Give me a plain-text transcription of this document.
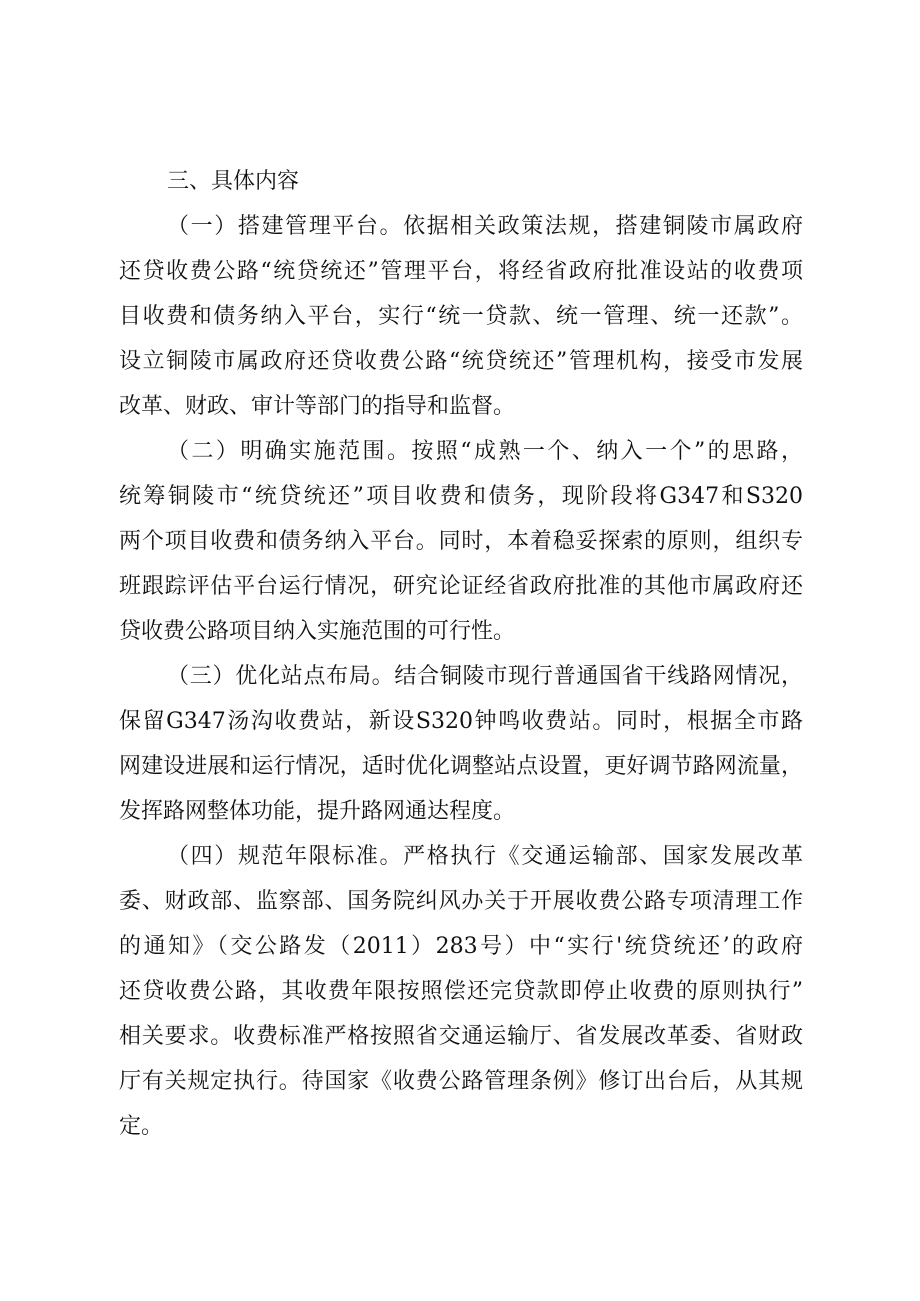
三、具体内容

（一）搭建管理平台。依据相关政策法规，搭建铜陵市属政府

还贷收费公路“统贷统还”管理平台，将经省政府批准设站的收费项

目收费和债务纳入平台，实行“统一贷款、统一管理、统一还款”。

设立铜陵市属政府还贷收费公路“统贷统还”管理机构，接受市发展

改革、财政、审计等部门的指导和监督。

（二）明确实施范围。按照“成熟一个、纳入一个”的思路，

统筹铜陵市“统贷统还”项目收费和债务，现阶段将G347和S320

两个项目收费和债务纳入平台。同时，本着稳妥探索的原则，组织专

班跟踪评估平台运行情况，研究论证经省政府批准的其他市属政府还

贷收费公路项目纳入实施范围的可行性。

（三）优化站点布局。结合铜陵市现行普通国省干线路网情况，

保留G347汤沟收费站，新设S320钟鸣收费站。同时，根据全市路

网建设进展和运行情况，适时优化调整站点设置，更好调节路网流量，

发挥路网整体功能，提升路网通达程度。

（四）规范年限标准。严格执行《交通运输部、国家发展改革

委、财政部、监察部、国务院纠风办关于开展收费公路专项清理工作

的通知》（交公路发（2011）283号）中“实行'统贷统还’的政府

还贷收费公路，其收费年限按照偿还完贷款即停止收费的原则执行”

相关要求。收费标准严格按照省交通运输厅、省发展改革委、省财政

厅有关规定执行。待国家《收费公路管理条例》修订出台后，从其规

定。
